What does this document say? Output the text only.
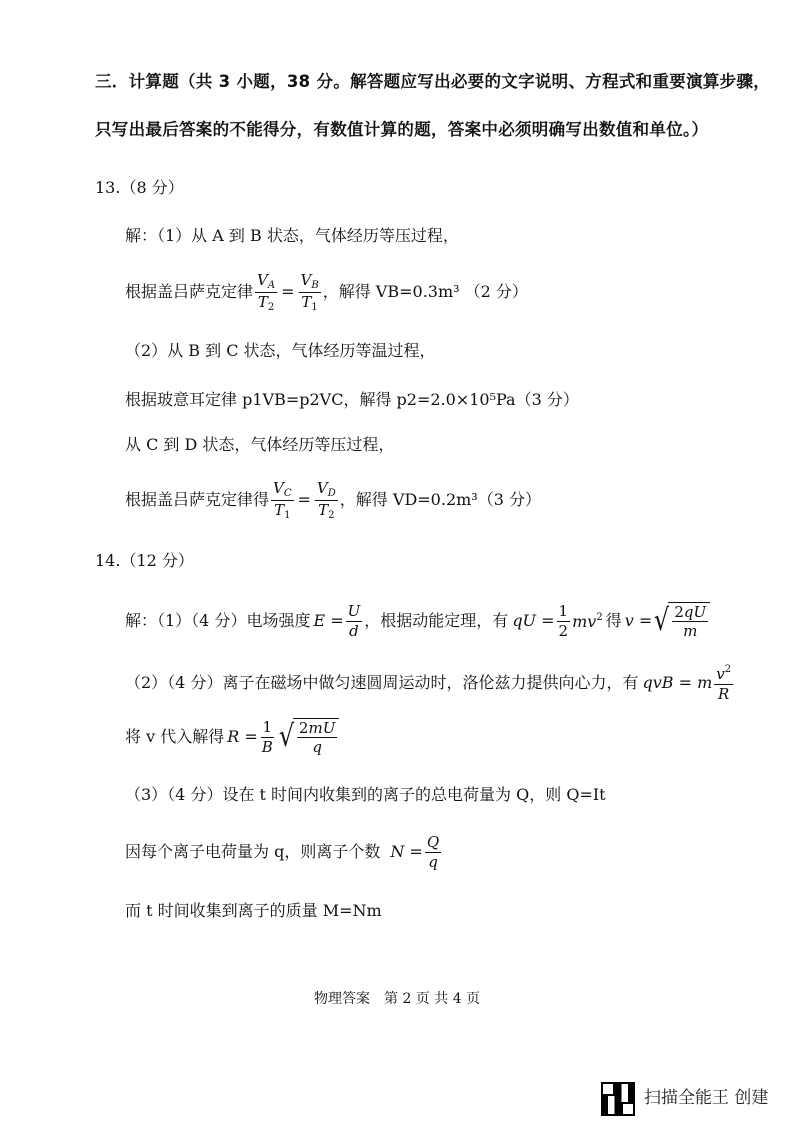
三．计算题（共 3 小题，38 分。解答题应写出必要的文字说明、方程式和重要演算步骤，
只写出最后答案的不能得分，有数值计算的题，答案中必须明确写出数值和单位。）
13.（8 分）
解：（1）从 A 到 B 状态，气体经历等压过程，
根据盖吕萨克定律 $\frac{V_A}{T_2} = \frac{V_B}{T_1}$ ，解得 VB=0.3m³ （2 分）
（2）从 B 到 C 状态，气体经历等温过程，
根据玻意耳定律 p1VB=p2VC，解得 p2=2.0×10⁵Pa（3 分）
从 C 到 D 状态，气体经历等压过程，
根据盖吕萨克定律得 $\frac{V_C}{T_1} = \frac{V_D}{T_2}$ ，解得 VD=0.2m³（3 分）
14.（12 分）
解：（1）（4 分）电场强度 $E = \frac{U}{d}$ ，根据动能定理，有 qU = $\frac{1}{2} mv^2$ 得 v = √ $\frac{2qU}{m}$
（2）（4 分）离子在磁场中做匀速圆周运动时，洛伦兹力提供向心力，有 qvB = m $\frac{v^2}{R}$
将 v 代入解得 $R = \frac{1}{B}$ √ $\frac{2mU}{q}$
（3）（4 分）设在 t 时间内收集到的离子的总电荷量为 Q，则 Q=It
因每个离子电荷量为 q，则离子个数 $N = \frac{Q}{q}$
而 t 时间收集到离子的质量 M=Nm
物理答案　第 2 页 共 4 页
扫描全能王 创建
